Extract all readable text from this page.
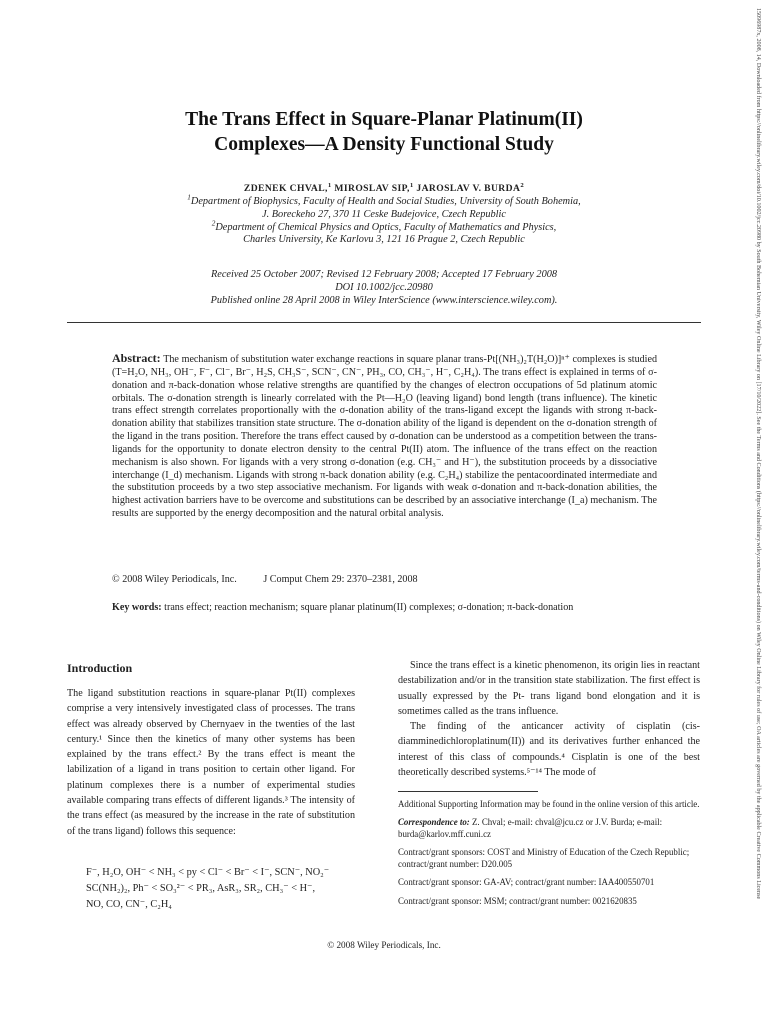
15096987x, 2008, 14, Downloaded from https://onlinelibrary.wiley.com/doi/10.1002/jcc.20980 by South Bohemian University, Wiley Online Library on [17/10/2022]. See the Terms and Conditions (https://onlinelibrary.wiley.com/terms-and-conditions) on Wiley Online Library for rules of use; OA articles are governed by the applicable Creative Commons License
The Trans Effect in Square-Planar Platinum(II)
Complexes—A Density Functional Study
ZDENEK CHVAL,$^1$ MIROSLAV SIP,$^1$ JAROSLAV V. BURDA$^2$
$^1$Department of Biophysics, Faculty of Health and Social Studies, University of South Bohemia,
J. Boreckeho 27, 370 11 Ceske Budejovice, Czech Republic
$^2$Department of Chemical Physics and Optics, Faculty of Mathematics and Physics,
Charles University, Ke Karlovu 3, 121 16 Prague 2, Czech Republic
Received 25 October 2007; Revised 12 February 2008; Accepted 17 February 2008
DOI 10.1002/jcc.20980
Published online 28 April 2008 in Wiley InterScience (www.interscience.wiley.com).
Abstract: The mechanism of substitution water exchange reactions in square planar trans-Pt[(NH₃)₂T(H₂O)]ⁿ⁺ complexes is studied (T=H₂O, NH₃, OH⁻, F⁻, Cl⁻, Br⁻, H₂S, CH₃S⁻, SCN⁻, CN⁻, PH₃, CO, CH₃⁻, H⁻, C₂H₄). The trans effect is explained in terms of σ-donation and π-back-donation whose relative strengths are quantified by the changes of electron occupations of 5d platinum atomic orbitals. The σ-donation strength is linearly correlated with the Pt—H₂O (leaving ligand) bond length (trans influence). The kinetic trans effect strength correlates proportionally with the σ-donation ability of the trans-ligand except the ligands with strong π-back-donation ability that stabilizes transition state structure. The σ-donation ability of the ligand is dependent on the σ-donation strength of the ligand in the trans position. Therefore the trans effect caused by σ-donation can be understood as a competition between the trans-ligands for the opportunity to donate electron density to the central Pt(II) atom. The influence of the trans effect on the reaction mechanism is also shown. For ligands with a very strong σ-donation (e.g. CH₃⁻ and H⁻), the substitution proceeds by a dissociative interchange (I_d) mechanism. Ligands with strong π-back donation ability (e.g. C₂H₄) stabilize the pentacoordinated intermediate and the substitution proceeds by a two step associative mechanism. For ligands with weak σ-donation and π-back-donation abilities, the highest activation barriers have to be overcome and substitutions can be described by an associative interchange (I_a) mechanism. The results are supported by the energy decomposition and the natural orbital analysis.
© 2008 Wiley Periodicals, Inc.	J Comput Chem 29: 2370–2381, 2008
Key words: trans effect; reaction mechanism; square planar platinum(II) complexes; σ-donation; π-back-donation
Introduction

The ligand substitution reactions in square-planar Pt(II) complexes comprise a very intensively investigated class of processes. The trans effect was already observed by Chernyaev in the twenties of the last century.¹ Since then the kinetics of many other systems has been explained by the trans effect.² By the trans effect is meant the labilization of a ligand in trans position to certain other ligand. For platinum complexes there is a number of experimental studies available comparing trans effects of different ligands.³ The intensity of the trans effect (as measured by the increase in the rate of substitution of the trans ligand) follows this sequence:

F⁻, H₂O, OH⁻ < NH₃ < py < Cl⁻ < Br⁻ < I⁻, SCN⁻, NO₂⁻
SC(NH₂)₂, Ph⁻ < SO₃²⁻ < PR₃, AsR₃, SR₂, CH₃⁻ < H⁻,
NO, CO, CN⁻, C₂H₄

Since the trans effect is a kinetic phenomenon, its origin lies in reactant destabilization and/or in the transition state stabilization. The first effect is usually expressed by the Pt- trans ligand bond elongation and it is sometimes called as the trans influence.

The finding of the anticancer activity of cisplatin (cis-diamminedichloroplatinum(II)) and its derivatives further enhanced the interest of this class of compounds.⁴ Cisplatin is one of the best theoretically described systems.⁵⁻¹⁴ The mode of

Additional Supporting Information may be found in the online version of this article.

Correspondence to: Z. Chval; e-mail: chval@jcu.cz or J.V. Burda; e-mail: burda@karlov.mff.cuni.cz

Contract/grant sponsors: COST and Ministry of Education of the Czech Republic; contract/grant number: D20.005

Contract/grant sponsor: GA-AV; contract/grant number: IAA400550701

Contract/grant sponsor: MSM; contract/grant number: 0021620835

© 2008 Wiley Periodicals, Inc.
